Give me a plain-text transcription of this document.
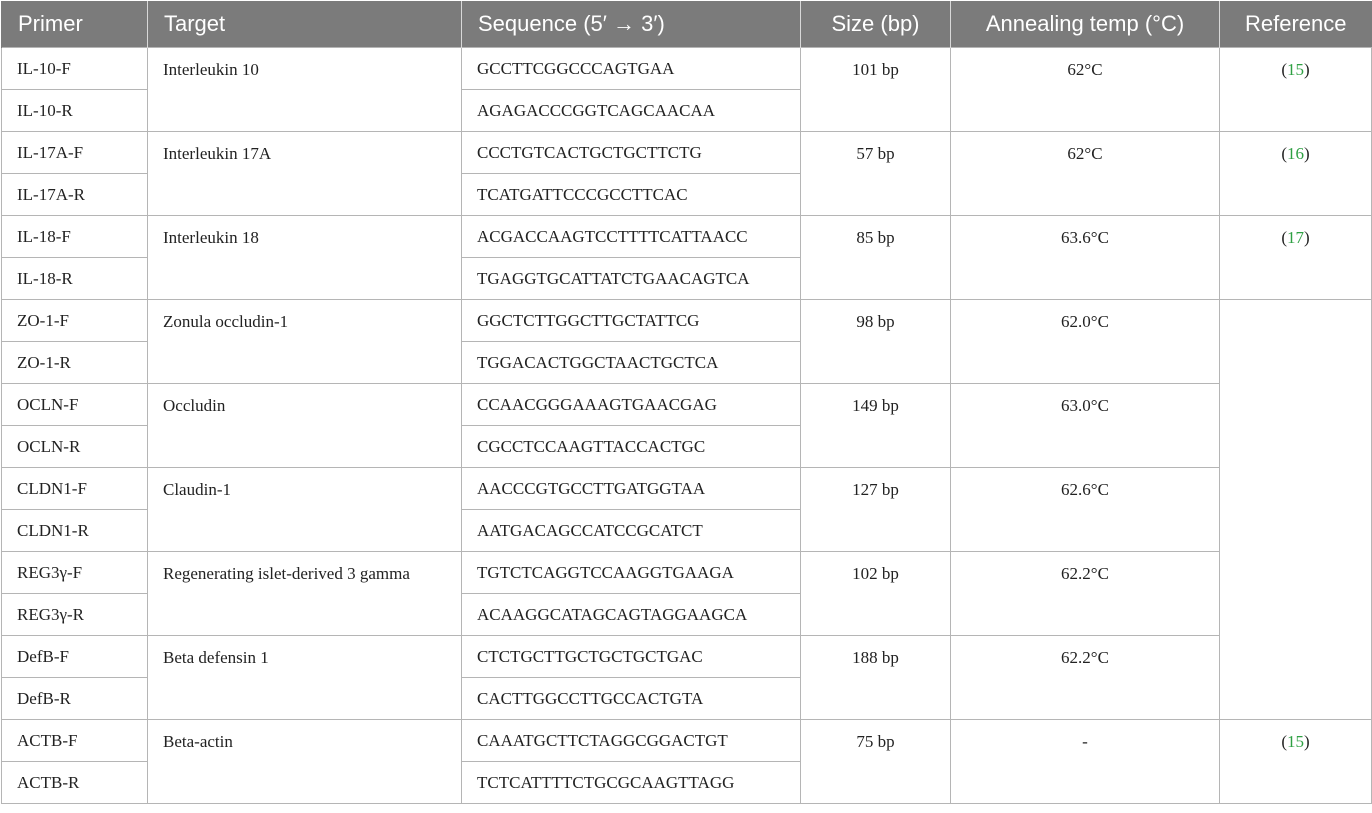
Primer	Target	Sequence (5′ → 3′)	Size (bp)	Annealing temp (°C)	Reference
IL-10-F	Interleukin 10	GCCTTCGGCCCAGTGAA	101 bp	62°C	(15)
IL-10-R		AGAGACCCGGTCAGCAACAA			
IL-17A-F	Interleukin 17A	CCCTGTCACTGCTGCTTCTG	57 bp	62°C	(16)
IL-17A-R		TCATGATTCCCGCCTTCAC			
IL-18-F	Interleukin 18	ACGACCAAGTCCTTTTCATTAACC	85 bp	63.6°C	(17)
IL-18-R		TGAGGTGCATTATCTGAACAGTCA			
ZO-1-F	Zonula occludin-1	GGCTCTTGGCTTGCTATTCG	98 bp	62.0°C	
ZO-1-R		TGGACACTGGCTAACTGCTCA			
OCLN-F	Occludin	CCAACGGGAAAGTGAACGAG	149 bp	63.0°C	
OCLN-R		CGCCTCCAAGTTACCACTGC			
CLDN1-F	Claudin-1	AACCCGTGCCTTGATGGTAA	127 bp	62.6°C	
CLDN1-R		AATGACAGCCATCCGCATCT			
REG3γ-F	Regenerating islet-derived 3 gamma	TGTCTCAGGTCCAAGGTGAAGA	102 bp	62.2°C	
REG3γ-R		ACAAGGCATAGCAGTAGGAAGCA			
DefB-F	Beta defensin 1	CTCTGCTTGCTGCTGCTGAC	188 bp	62.2°C	
DefB-R		CACTTGGCCTTGCCACTGTA			
ACTB-F	Beta-actin	CAAATGCTTCTAGGCGGACTGT	75 bp	-	(15)
ACTB-R		TCTCATTTTCTGCGCAAGTTAGG			
